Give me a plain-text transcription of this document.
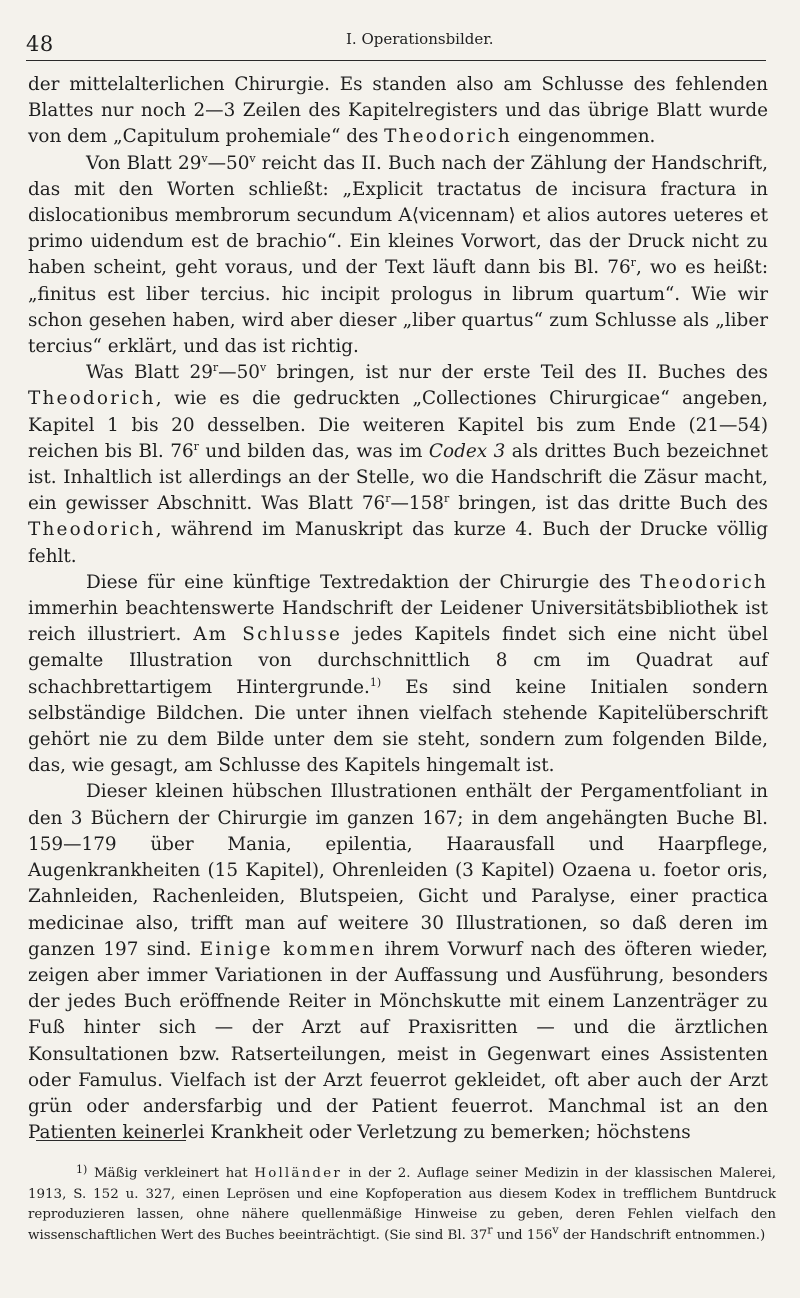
48	I. Operationsbilder.

der mittelalterlichen Chirurgie. Es standen also am Schlusse des fehlenden Blattes nur noch 2—3 Zeilen des Kapitelregisters und das übrige Blatt wurde von dem „Capitulum prohemiale“ des Theodorich eingenommen.

Von Blatt 29$^v$—50$^v$ reicht das II. Buch nach der Zählung der Handschrift, das mit den Worten schließt: „Explicit tractatus de incisura fractura in dislocationibus membrorum secundum A⟨vicennam⟩ et alios autores ueteres et primo uidendum est de brachio“. Ein kleines Vorwort, das der Druck nicht zu haben scheint, geht voraus, und der Text läuft dann bis Bl. 76$^r$, wo es heißt: „finitus est liber tercius. hic incipit prologus in librum quartum“. Wie wir schon gesehen haben, wird aber dieser „liber quartus“ zum Schlusse als „liber tercius“ erklärt, und das ist richtig.

Was Blatt 29$^r$—50$^v$ bringen, ist nur der erste Teil des II. Buches des Theodorich, wie es die gedruckten „Collectiones Chirurgicae“ angeben, Kapitel 1 bis 20 desselben. Die weiteren Kapitel bis zum Ende (21—54) reichen bis Bl. 76$^r$ und bilden das, was im Codex 3 als drittes Buch bezeichnet ist. Inhaltlich ist allerdings an der Stelle, wo die Handschrift die Zäsur macht, ein gewisser Abschnitt. Was Blatt 76$^r$—158$^r$ bringen, ist das dritte Buch des Theodorich, während im Manuskript das kurze 4. Buch der Drucke völlig fehlt.

Diese für eine künftige Textredaktion der Chirurgie des Theodorich immerhin beachtenswerte Handschrift der Leidener Universitätsbibliothek ist reich illustriert. Am Schlusse jedes Kapitels findet sich eine nicht übel gemalte Illustration von durchschnittlich 8 cm im Quadrat auf schachbrettartigem Hintergrunde.$^{1)}$ Es sind keine Initialen sondern selbständige Bildchen. Die unter ihnen vielfach stehende Kapitelüberschrift gehört nie zu dem Bilde unter dem sie steht, sondern zum folgenden Bilde, das, wie gesagt, am Schlusse des Kapitels hingemalt ist.

Dieser kleinen hübschen Illustrationen enthält der Pergamentfoliant in den 3 Büchern der Chirurgie im ganzen 167; in dem angehängten Buche Bl. 159—179 über Mania, epilentia, Haarausfall und Haarpflege, Augenkrankheiten (15 Kapitel), Ohrenleiden (3 Kapitel) Ozaena u. foetor oris, Zahnleiden, Rachenleiden, Blutspeien, Gicht und Paralyse, einer practica medicinae also, trifft man auf weitere 30 Illustrationen, so daß deren im ganzen 197 sind. Einige kommen ihrem Vorwurf nach des öfteren wieder, zeigen aber immer Variationen in der Auffassung und Ausführung, besonders der jedes Buch eröffnende Reiter in Mönchskutte mit einem Lanzenträger zu Fuß hinter sich — der Arzt auf Praxisritten — und die ärztlichen Konsultationen bzw. Ratserteilungen, meist in Gegenwart eines Assistenten oder Famulus. Vielfach ist der Arzt feuerrot gekleidet, oft aber auch der Arzt grün oder andersfarbig und der Patient feuerrot. Manchmal ist an den Patienten keinerlei Krankheit oder Verletzung zu bemerken; höchstens

$^{1)}$ Mäßig verkleinert hat Holländer in der 2. Auflage seiner Medizin in der klassischen Malerei, 1913, S. 152 u. 327, einen Leprösen und eine Kopfoperation aus diesem Kodex in trefflichem Buntdruck reproduzieren lassen, ohne nähere quellenmäßige Hinweise zu geben, deren Fehlen vielfach den wissenschaftlichen Wert des Buches beeinträchtigt. (Sie sind Bl. 37$^r$ und 156$^v$ der Handschrift entnommen.)
